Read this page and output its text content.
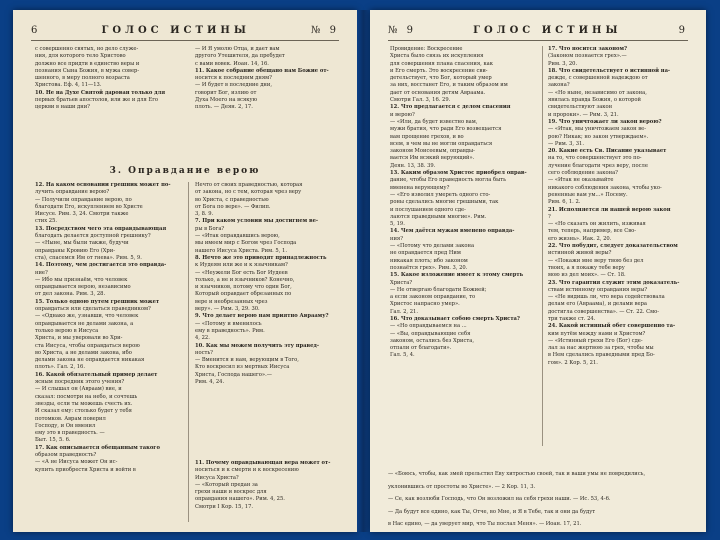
6	ГОЛОС ИСТИНЫ	№ 9

с совершенно святых, но дело служе-

ния, для которого тело Христово

должно все придти в единство веры и

познания Сына Божия, в мужа совер-

шенного, в меру полного возраста

Христова. Еф. 4, 11—13.

10. Не на Духе Святой дарован только для

первых братьев апостолов, или же и для Его

церкви в наши дни?

— И Я умолю Отца, и дает вам

другого Утешителя, да пребудет

с вами вовек. Иоан. 14, 16.

11. Какое собрание обещано нам Божие от-

носится к последним дням?

— И будет в последние дни,

говорит Бог, излию от

Духа Моего на всякую

плоть. — Деян. 2, 17.

3. Оправдание верою

12. На каком основании грешник может по-

лучить оправдание верою?

— Получили оправдание верою, по

благодати Его, искуплением во Христе

Иисусе. Рим. 3, 24. Смотри также

стих 25.

13. Посредством чего эта оправдывающая

благодать делается доступной грешнику?

— «Ныне, мы были также, будучи

оправданы Кровию Его (Хри-

ста), спасемся Им от гнева». Рим. 5, 9.

14. Поэтому, чем достигается это оправда-

ние?

— Ибо мы признаём, что человек

оправдывается верою, независимо

от дел закона. Рим. 3, 28.

15. Только одною путем грешник может

оправдаться или сделаться праведником?

— «Однако же, узнавши, что человек

оправдывается не делами закона, а

только верою в Иисуса

Христа, и мы уверовали во Хри-

ста Иисуса, чтобы оправдаться верою

во Христа, а не делами закона, ибо

делами закона не оправдается никакая

плоть». Гал. 2, 16.

16. Какой обязательный пример делает

ясным посредник этого учения?

— И слышал он (Авраам) вие, и

сказал: посмотри на небо, и сочтешь

звезды, если ты можешь счесть их.

И сказал ему: столько будет у тебя

потомков. Аврам поверил

Господу, и Он вменил

ему это в праведность. —

Быт. 15, 5. 6.

17. Как описывается обещанным такого

образом праведность?

— «А не Иисуса может Он ис-

купить приобрести Христа и войти в

Нечто от своих праведностью, которая

от закона, но с тем, которая чрез веру

во Христа, с праведностью

от Бога по вере». — Филип.

3, 8. 9.

7. При каком условии мы достигнем ве-

ры в Бога?

— «Итак оправдавшись верою,

мы имеем мир с Богом чрез Господа

нашего Иисуса Христа. Рим. 5, 1.

8. Нечто же это приводят принадлежность

к Иудеям или же и к язычникам?

— «Неужели Бог есть Бог Иудеев

только, а не и язычников? Конечно,

и язычников, потому что один Бог,

Который оправдает обрезанных по

вере и необрезанных чрез

веру». — Рим. 3, 29. 30.

9. Что делает верою нам приятно Аврааму?

— «Потому и вменилось

ему в праведность». Рим.

4, 22.

10. Как мы можем получить эту правед-

ность?

— Вменится и нам, верующим в Того,

Кто воскресил из мертвых Иисуса

Христа, Господа нашего».—

Рим. 4, 24.

11. Почему оправдывающая вера может от-

носиться и к смерти и к воскресению

Иисуса Христа?

— «Который предан за

грехи наши и воскрес для

оправдания нашего». Рим. 4, 25.

Смотри I Кор. 15, 17.

№ 9	ГОЛОС ИСТИНЫ	9

Провидение: Воскресение

Христа было связь их искупления

для совершения плана спасения, как

и Его смерть. Это воскресение сви-

детельствует, что Бог, который умер

за них, восстанет Его, и таким образом им

дает от основания детям Авраама.

Смотри Гал. 3, 16. 29.

12. Что предлагается с делом спасения

и верою?

— «Или, да будет известно вам,

мужи братия, что ради Его возвещается

вам прощение грехов, и во

всем, в чем вы не могли оправдаться

законом Моисеевым, оправды-

вается Им всякий верующий».

Деян. 13, 38. 39.

13. Каким образом Христос приобрел оправ-

дание, чтобы Его праведность могла быть

вменена верующему?

— «Его изволил умереть одного сто-

роны сделались многие грешными, так

и послушанием одного сде-

лаются праведными многие». Рим.

5, 19.

14. Чем даётся мужам вменено оправда-

ния?

— «Потому что делами закона

не оправдается пред Ним

никакая плоть; ибо законом

познаётся грех». Рим. 3, 20.

15. Какое изложение имеет к этому смерть

Христа?

— Не отвергаю благодати Божией;

а если законом оправдание, то

Христос напрасно умер».

Гал. 2, 21.

16. Что доказывает собою смерть Христа?

— «Но оправдываемся на ...

— «Вы, оправдывающие себя

законом, остались без Христа,

отпали от благодати».

Гал. 5, 4.

17. Что носится законом?

(Законом познается грех».—

Рим. 3, 20.

18. Что свидетельствует о истинной на-

дежде, с совершенной надеждою от

закона?

— «Но ныне, независимо от закона,

явилась правда Божия, о которой

свидетельствуют закон

и пророки». — Рим. 3, 21.

19. Что уничтожает ли закон верою?

— «Итак, мы уничтожаем закон ве-

рою? Никак; но закон утверждаем».

— Рим. 3, 31.

20. Какие есть Св. Писание указывает

на то, что совершенствует это по-

лучение благодати чрез веру, после

сего соблюдение закона?

— «Итак не оказывайте

никакого соблюдения закона, чтобы уко-

рененные вам ум...» Посему.

Рим. 6, 1. 2.

21. Исполняется ли нашей верою закон

?

— «Но сказать он жилить, изживая

тем, теперь, например, все Сво-

его жизнь». Иак. 2, 20.

22. Что побудит, следует доказательством

истинной живой веры?

— «Покажи мне веру твою без дел

твоих, а я покажу тебе веру

мою из дел моих». — Ст. 18.

23. Что гарантия служит этим доказатель-

ствам истинному оправдания веры?

— «Не видишь ли, что вера содействовала

делам его (Авраама), и делами вера

достигла совершенства». — Ст. 22. Смо-

три также ст. 24.

24. Какой истинный обет совершенно та-

ким путём между нами и Христом?

— «Истинный грехи Его (Бог) сде-

лал за нас жертвою за грех, чтобы мы

в Нем сделались праведными пред Бо-

гом». 2 Кор. 5, 21.

— «Боюсь, чтобы, как змей прельстил Еву хитростью своей, так и ваши умы не повредились,

уклонившись от простоты во Христе». — 2 Кор. 11, 3.

— Се, как возлюби Господь, что Он возложил на себя грехи наши. — Ис. 53, 4-6.

— Да будут все едино, как Ты, Отче, во Мне, и Я в Тебе, так и они да будут

в Нас едино, — да уверует мир, что Ты послал Меня». — Иоан. 17, 21.
